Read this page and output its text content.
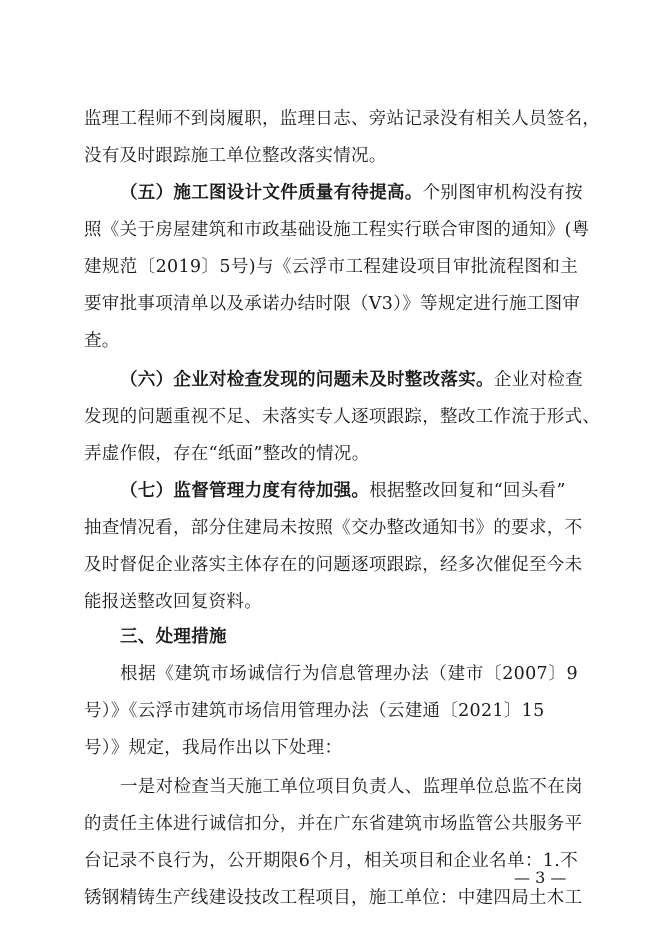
监理工程师不到岗履职，监理日志、旁站记录没有相关人员签名，
没有及时跟踪施工单位整改落实情况。
（五）施工图设计文件质量有待提高。个别图审机构没有按
照《关于房屋建筑和市政基础设施工程实行联合审图的通知》(粤
建规范〔2019〕5号)与《云浮市工程建设项目审批流程图和主
要审批事项清单以及承诺办结时限（V3）》等规定进行施工图审
查。
（六）企业对检查发现的问题未及时整改落实。企业对检查
发现的问题重视不足、未落实专人逐项跟踪，整改工作流于形式、
弄虚作假，存在“纸面”整改的情况。
（七）监督管理力度有待加强。根据整改回复和“回头看”
抽查情况看，部分住建局未按照《交办整改通知书》的要求，不
及时督促企业落实主体存在的问题逐项跟踪，经多次催促至今未
能报送整改回复资料。
三、处理措施
根据《建筑市场诚信行为信息管理办法（建市〔2007〕9
号）》《云浮市建筑市场信用管理办法（云建通〔2021〕15
号）》规定，我局作出以下处理：
一是对检查当天施工单位项目负责人、监理单位总监不在岗
的责任主体进行诚信扣分，并在广东省建筑市场监管公共服务平
台记录不良行为，公开期限6个月，相关项目和企业名单：1.不
锈钢精铸生产线建设技改工程项目，施工单位：中建四局土木工
— 3 —
